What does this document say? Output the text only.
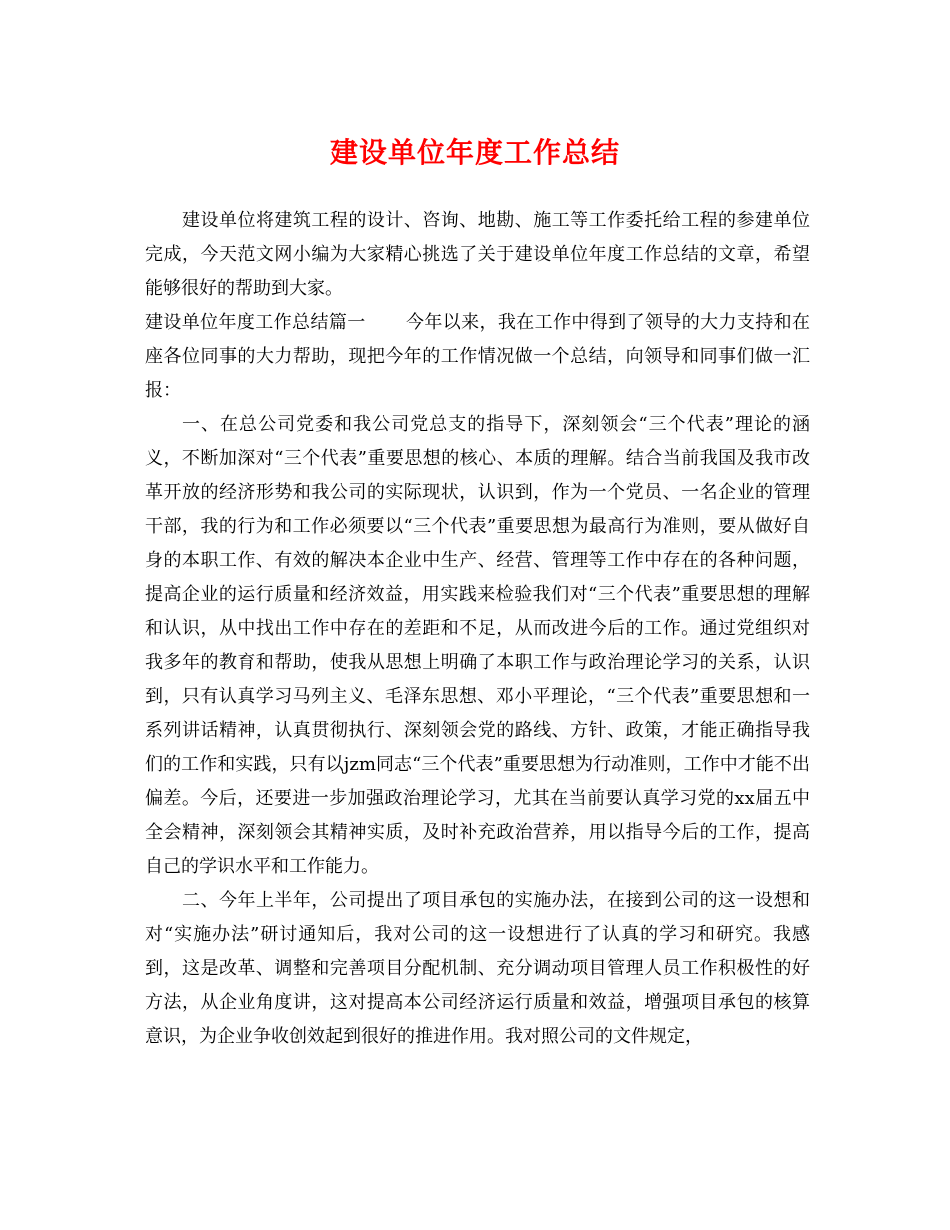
建设单位年度工作总结

建设单位将建筑工程的设计、咨询、地勘、施工等工作委托给工程的参建单位完成，今天范文网小编为大家精心挑选了关于建设单位年度工作总结的文章，希望能够很好的帮助到大家。

建设单位年度工作总结篇一 今年以来，我在工作中得到了领导的大力支持和在座各位同事的大力帮助，现把今年的工作情况做一个总结，向领导和同事们做一汇报：

一、在总公司党委和我公司党总支的指导下，深刻领会“三个代表”理论的涵义，不断加深对“三个代表”重要思想的核心、本质的理解。结合当前我国及我市改革开放的经济形势和我公司的实际现状，认识到，作为一个党员、一名企业的管理干部，我的行为和工作必须要以“三个代表”重要思想为最高行为准则，要从做好自身的本职工作、有效的解决本企业中生产、经营、管理等工作中存在的各种问题，提高企业的运行质量和经济效益，用实践来检验我们对“三个代表”重要思想的理解和认识，从中找出工作中存在的差距和不足，从而改进今后的工作。通过党组织对我多年的教育和帮助，使我从思想上明确了本职工作与政治理论学习的关系，认识到，只有认真学习马列主义、毛泽东思想、邓小平理论，“三个代表”重要思想和一系列讲话精神，认真贯彻执行、深刻领会党的路线、方针、政策，才能正确指导我们的工作和实践，只有以jzm同志“三个代表”重要思想为行动准则，工作中才能不出偏差。今后，还要进一步加强政治理论学习，尤其在当前要认真学习党的xx届五中全会精神，深刻领会其精神实质，及时补充政治营养，用以指导今后的工作，提高自己的学识水平和工作能力。

二、今年上半年，公司提出了项目承包的实施办法，在接到公司的这一设想和对“实施办法”研讨通知后，我对公司的这一设想进行了认真的学习和研究。我感到，这是改革、调整和完善项目分配机制、充分调动项目管理人员工作积极性的好方法，从企业角度讲，这对提高本公司经济运行质量和效益，增强项目承包的核算意识，为企业争收创效起到很好的推进作用。我对照公司的文件规定，
